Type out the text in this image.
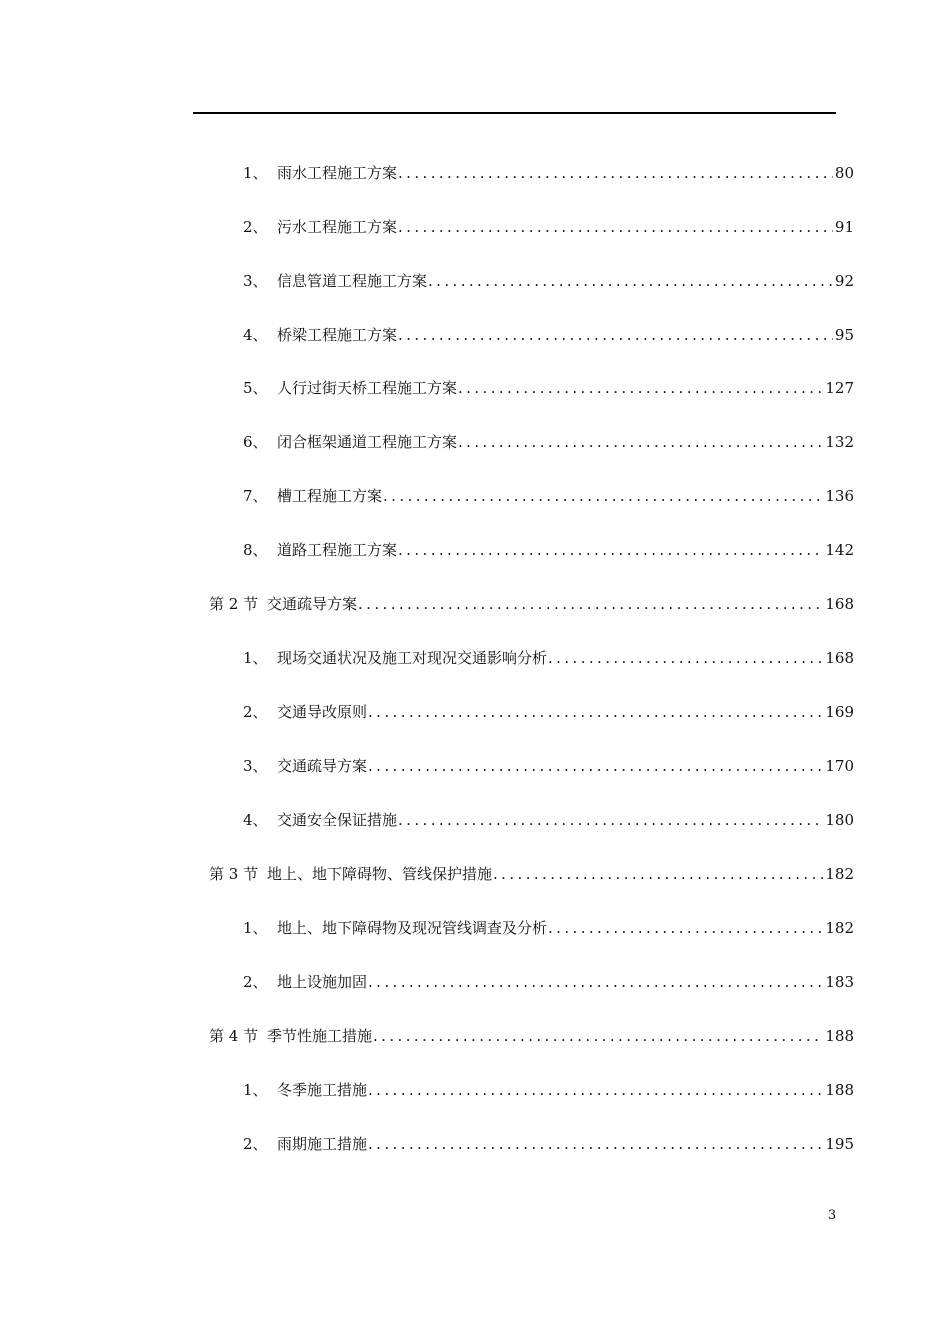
1、 雨水工程施工方案 .....	80
2、 污水工程施工方案 .....	91
3、 信息管道工程施工方案 .....	92
4、 桥梁工程施工方案 .....	95
5、 人行过街天桥工程施工方案 .....	127
6、 闭合框架通道工程施工方案 .....	132
7、 槽工程施工方案 .....	136
8、 道路工程施工方案 .....	142
第 2 节 交通疏导方案 .....	168
1、 现场交通状况及施工对现况交通影响分析 .....	168
2、 交通导改原则 .....	169
3、 交通疏导方案 .....	170
4、 交通安全保证措施 .....	180
第 3 节 地上、地下障碍物、管线保护措施 .....	182
1、 地上、地下障碍物及现况管线调查及分析 .....	182
2、 地上设施加固 .....	183
第 4 节 季节性施工措施 .....	188
1、 冬季施工措施 .....	188
2、 雨期施工措施 .....	195
3
